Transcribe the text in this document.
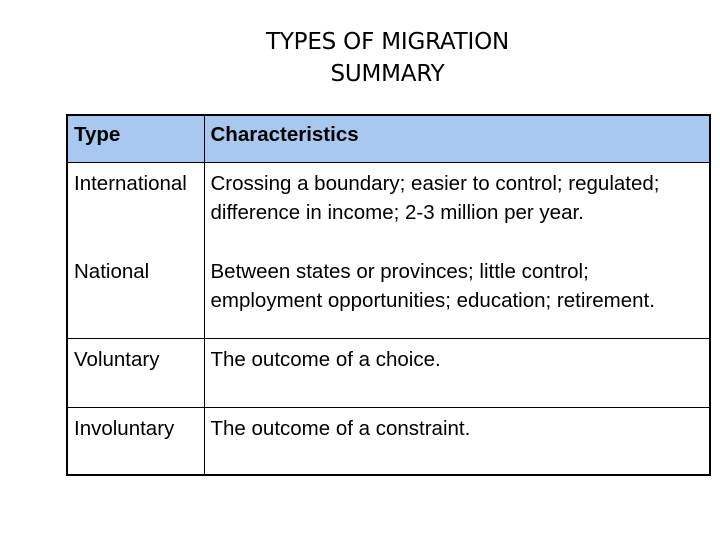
TYPES OF MIGRATION
SUMMARY
Type	Characteristics
International	Crossing a boundary; easier to control; regulated; difference in income; 2-3 million per year.
National	Between states or provinces; little control; employment opportunities; education; retirement.
Voluntary	The outcome of a choice.
Involuntary	The outcome of a constraint.
